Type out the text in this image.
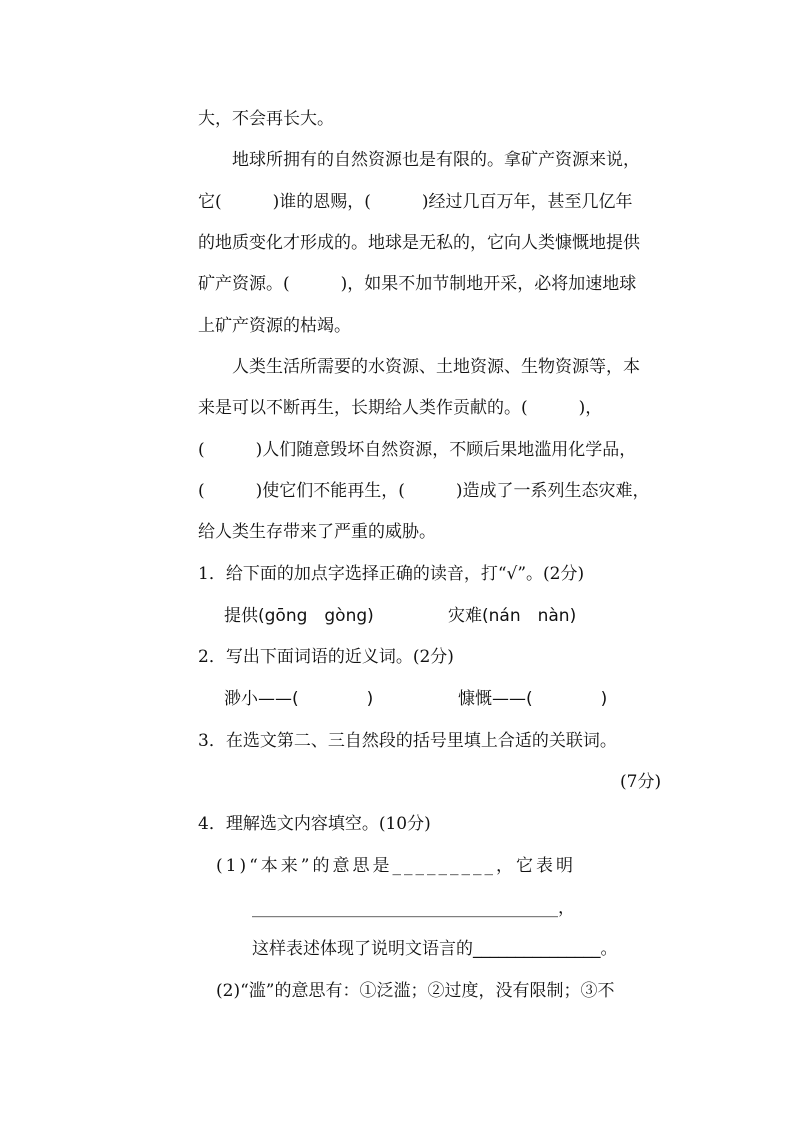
大，不会再长大。
地球所拥有的自然资源也是有限的。拿矿产资源来说，
它(　　　)谁的恩赐，(　　　)经过几百万年，甚至几亿年
的地质变化才形成的。地球是无私的，它向人类慷慨地提供
矿产资源。(　　　)，如果不加节制地开采，必将加速地球
上矿产资源的枯竭。
人类生活所需要的水资源、土地资源、生物资源等，本
来是可以不断再生，长期给人类作贡献的。(　　　)，
(　　　)人们随意毁坏自然资源，不顾后果地滥用化学品，
(　　　)使它们不能再生，(　　　)造成了一系列生态灾难，
给人类生存带来了严重的威胁。
1．给下面的加点字选择正确的读音，打“√”。(2分)
提供(gōng　gòng)	灾难(nán　nàn)
2．写出下面词语的近义词。(2分)
渺小——(　　　　)	慷慨——(　　　　)
3．在选文第二、三自然段的括号里填上合适的关联词。
(7分)
4．理解选文内容填空。(10分)
(1)“本来”的意思是_________，它表明
____________________________________，
这样表述体现了说明文语言的_______________。
(2)“滥”的意思有：①泛滥；②过度，没有限制；③不
